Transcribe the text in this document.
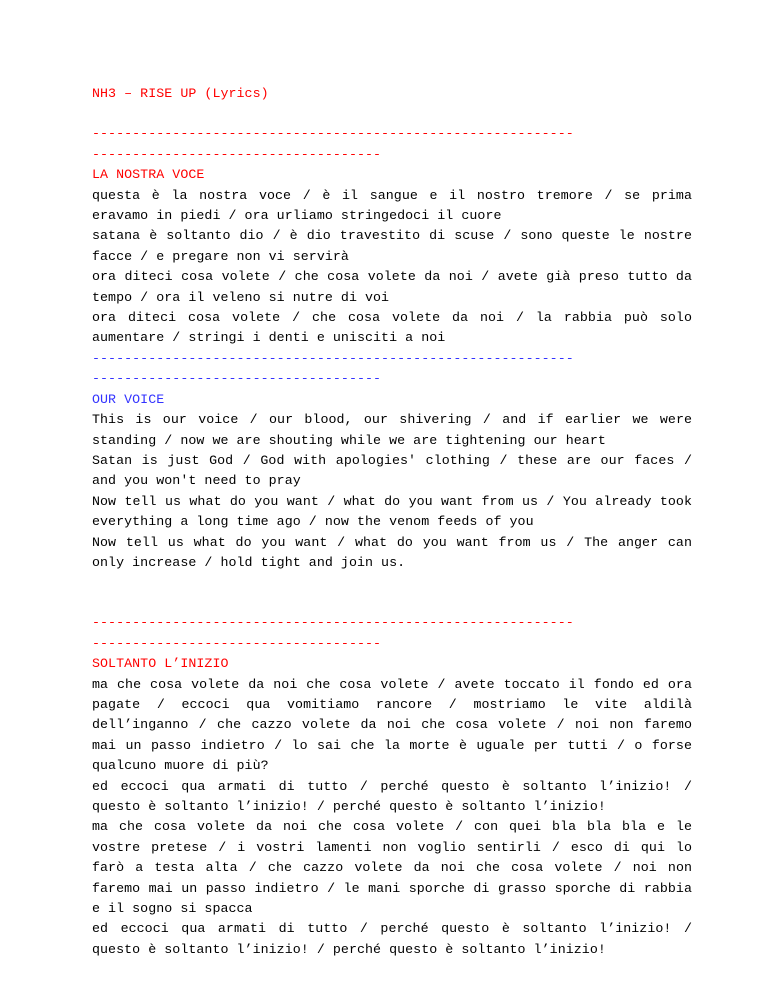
NH3 – RISE UP (Lyrics)

------------------------------------------------------------
------------------------------------
LA NOSTRA VOCE

questa è la nostra voce / è il sangue e il nostro tremore / se prima eravamo in piedi / ora urliamo stringedoci il cuore

satana è soltanto dio / è dio travestito di scuse / sono queste le nostre facce / e pregare non vi servirà

ora diteci cosa volete / che cosa volete da noi / avete già preso tutto da tempo / ora il veleno si nutre di voi

ora diteci cosa volete / che cosa volete da noi / la rabbia può solo aumentare / stringi i denti e unisciti a noi

------------------------------------------------------------
------------------------------------
OUR VOICE

This is our voice / our blood, our shivering / and if earlier we were standing / now we are shouting while we are tightening our heart

Satan is just God / God with apologies' clothing / these are our faces / and you won't need to pray

Now tell us what do you want / what do you want from us / You already took everything a long time ago / now the venom feeds of you

Now tell us what do you want / what do you want from us / The anger can only increase / hold tight and join us.

------------------------------------------------------------
------------------------------------
SOLTANTO L’INIZIO

ma che cosa volete da noi che cosa volete / avete toccato il fondo ed ora pagate / eccoci qua vomitiamo rancore / mostriamo le vite aldilà dell’inganno / che cazzo volete da noi che cosa volete / noi non faremo mai un passo indietro / lo sai che la morte è uguale per tutti / o forse qualcuno muore di più?

ed eccoci qua armati di tutto / perché questo è soltanto l’inizio! / questo è soltanto l’inizio! / perché questo è soltanto l’inizio!

ma che cosa volete da noi che cosa volete / con quei bla bla bla e le vostre pretese / i vostri lamenti non voglio sentirli / esco di qui lo farò a testa alta / che cazzo volete da noi che cosa volete / noi non faremo mai un passo indietro / le mani sporche di grasso sporche di rabbia e il sogno si spacca

ed eccoci qua armati di tutto / perché questo è soltanto l’inizio! / questo è soltanto l’inizio! / perché questo è soltanto l’inizio!
